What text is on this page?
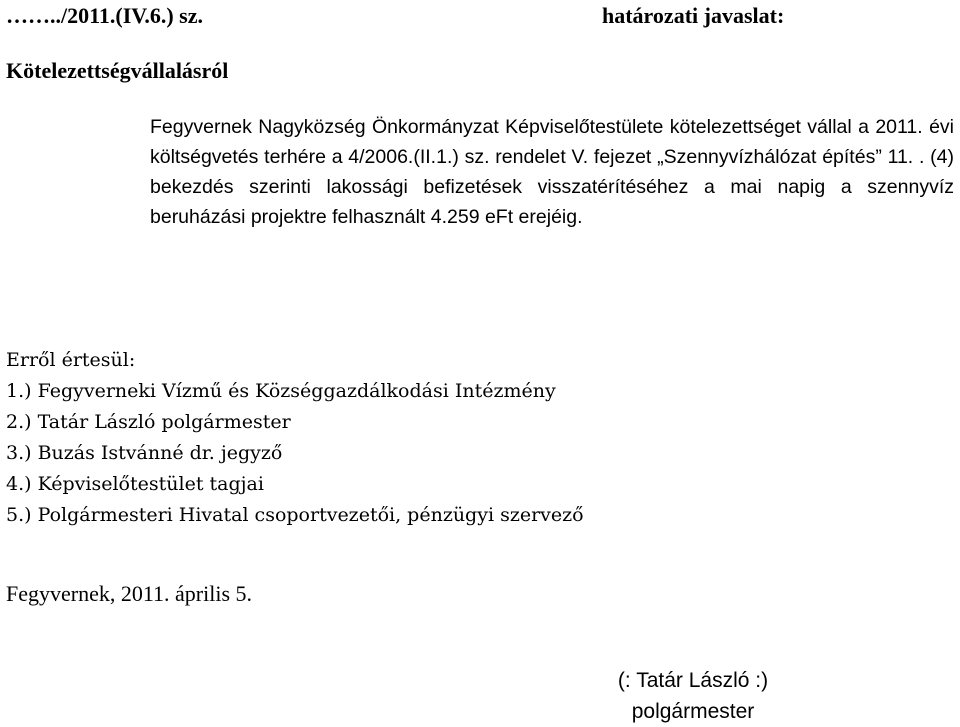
……../2011.(IV.6.) sz.	határozati javaslat:
Kötelezettségvállalásról
Fegyvernek Nagyközség Önkormányzat Képviselőtestülete kötelezettséget vállal a 2011. évi költségvetés terhére a 4/2006.(II.1.) sz. rendelet V. fejezet „Szennyvízhálózat építés” 11. . (4) bekezdés szerinti lakossági befizetések visszatérítéséhez a mai napig a szennyvíz beruházási projektre felhasznált 4.259 eFt erejéig.
Erről értesül:
1.) Fegyverneki Vízmű és Községgazdálkodási Intézmény
2.) Tatár László polgármester
3.) Buzás Istvánné dr. jegyző
4.) Képviselőtestület tagjai
5.) Polgármesteri Hivatal csoportvezetői, pénzügyi szervező
Fegyvernek, 2011. április 5.
(: Tatár László :)
polgármester
